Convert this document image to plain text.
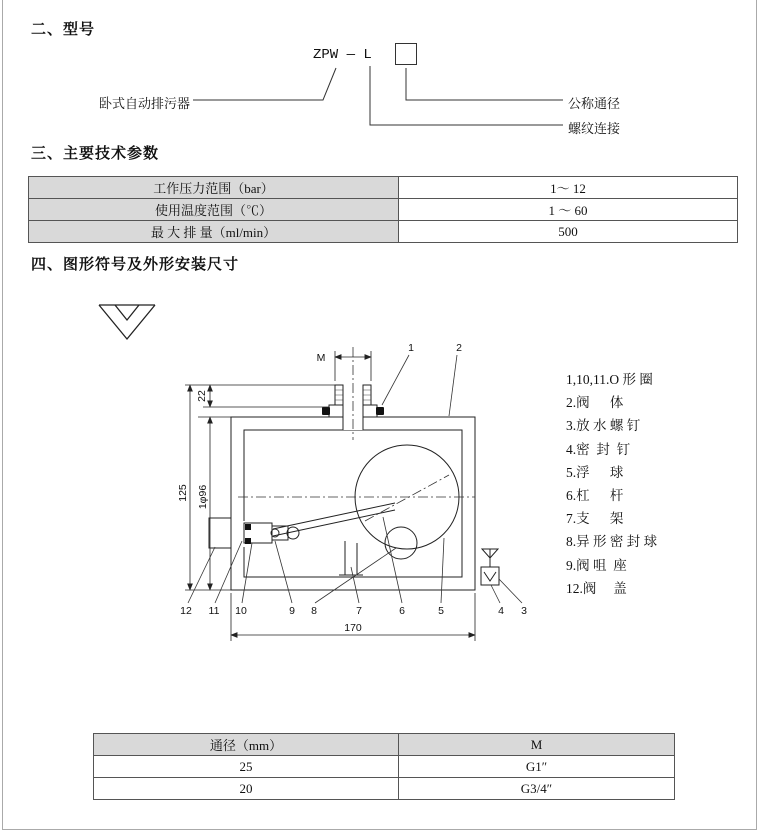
二、型号
ZPW — L
卧式自动排污器	公称通径
螺纹连接
三、主要技术参数
工作压力范围（bar）	1～ 12
使用温度范围（℃）	1 ～ 60
最 大 排 量（ml/min）	500
四、图形符号及外形安装尺寸
M
125
22
1φ96
170
1	2
12 11 10	9 8	7	6	5	4 3
1,10,11.O 形 圈
2.阀      体
3.放 水 螺 钉
4.密  封  钉
5.浮      球
6.杠      杆
7.支      架
8.异 形 密 封 球
9.阀 咀  座
12.阀     盖
通径（mm）	M
25	G1″
20	G3/4″
